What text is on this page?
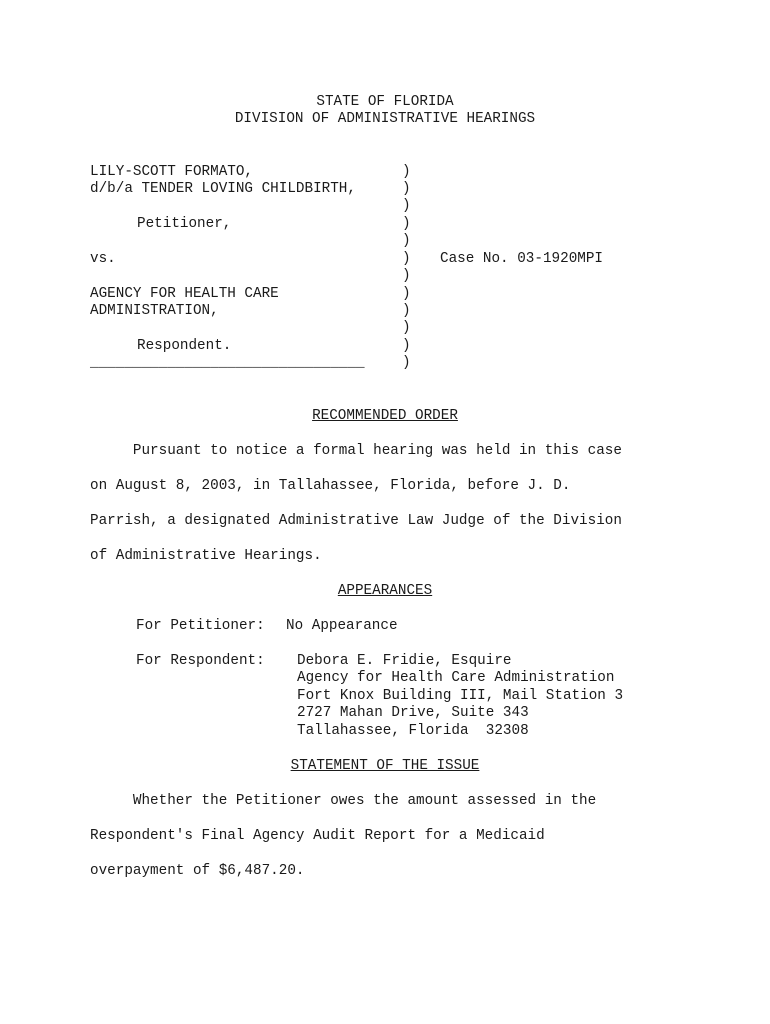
STATE OF FLORIDA
DIVISION OF ADMINISTRATIVE HEARINGS
LILY-SCOTT FORMATO,
d/b/a TENDER LOVING CHILDBIRTH,
Petitioner,
vs.
AGENCY FOR HEALTH CARE
ADMINISTRATION,
Respondent.
________________________________
)
)
)
)
)
)
)
)
)
)
)
)
Case No. 03-1920MPI
RECOMMENDED ORDER
Pursuant to notice a formal hearing was held in this case
on August 8, 2003, in Tallahassee, Florida, before J. D.
Parrish, a designated Administrative Law Judge of the Division
of Administrative Hearings.
APPEARANCES
For Petitioner: No Appearance
For Respondent: Debora E. Fridie, Esquire
Agency for Health Care Administration
Fort Knox Building III, Mail Station 3
2727 Mahan Drive, Suite 343
Tallahassee, Florida  32308
STATEMENT OF THE ISSUE
Whether the Petitioner owes the amount assessed in the
Respondent's Final Agency Audit Report for a Medicaid
overpayment of $6,487.20.
